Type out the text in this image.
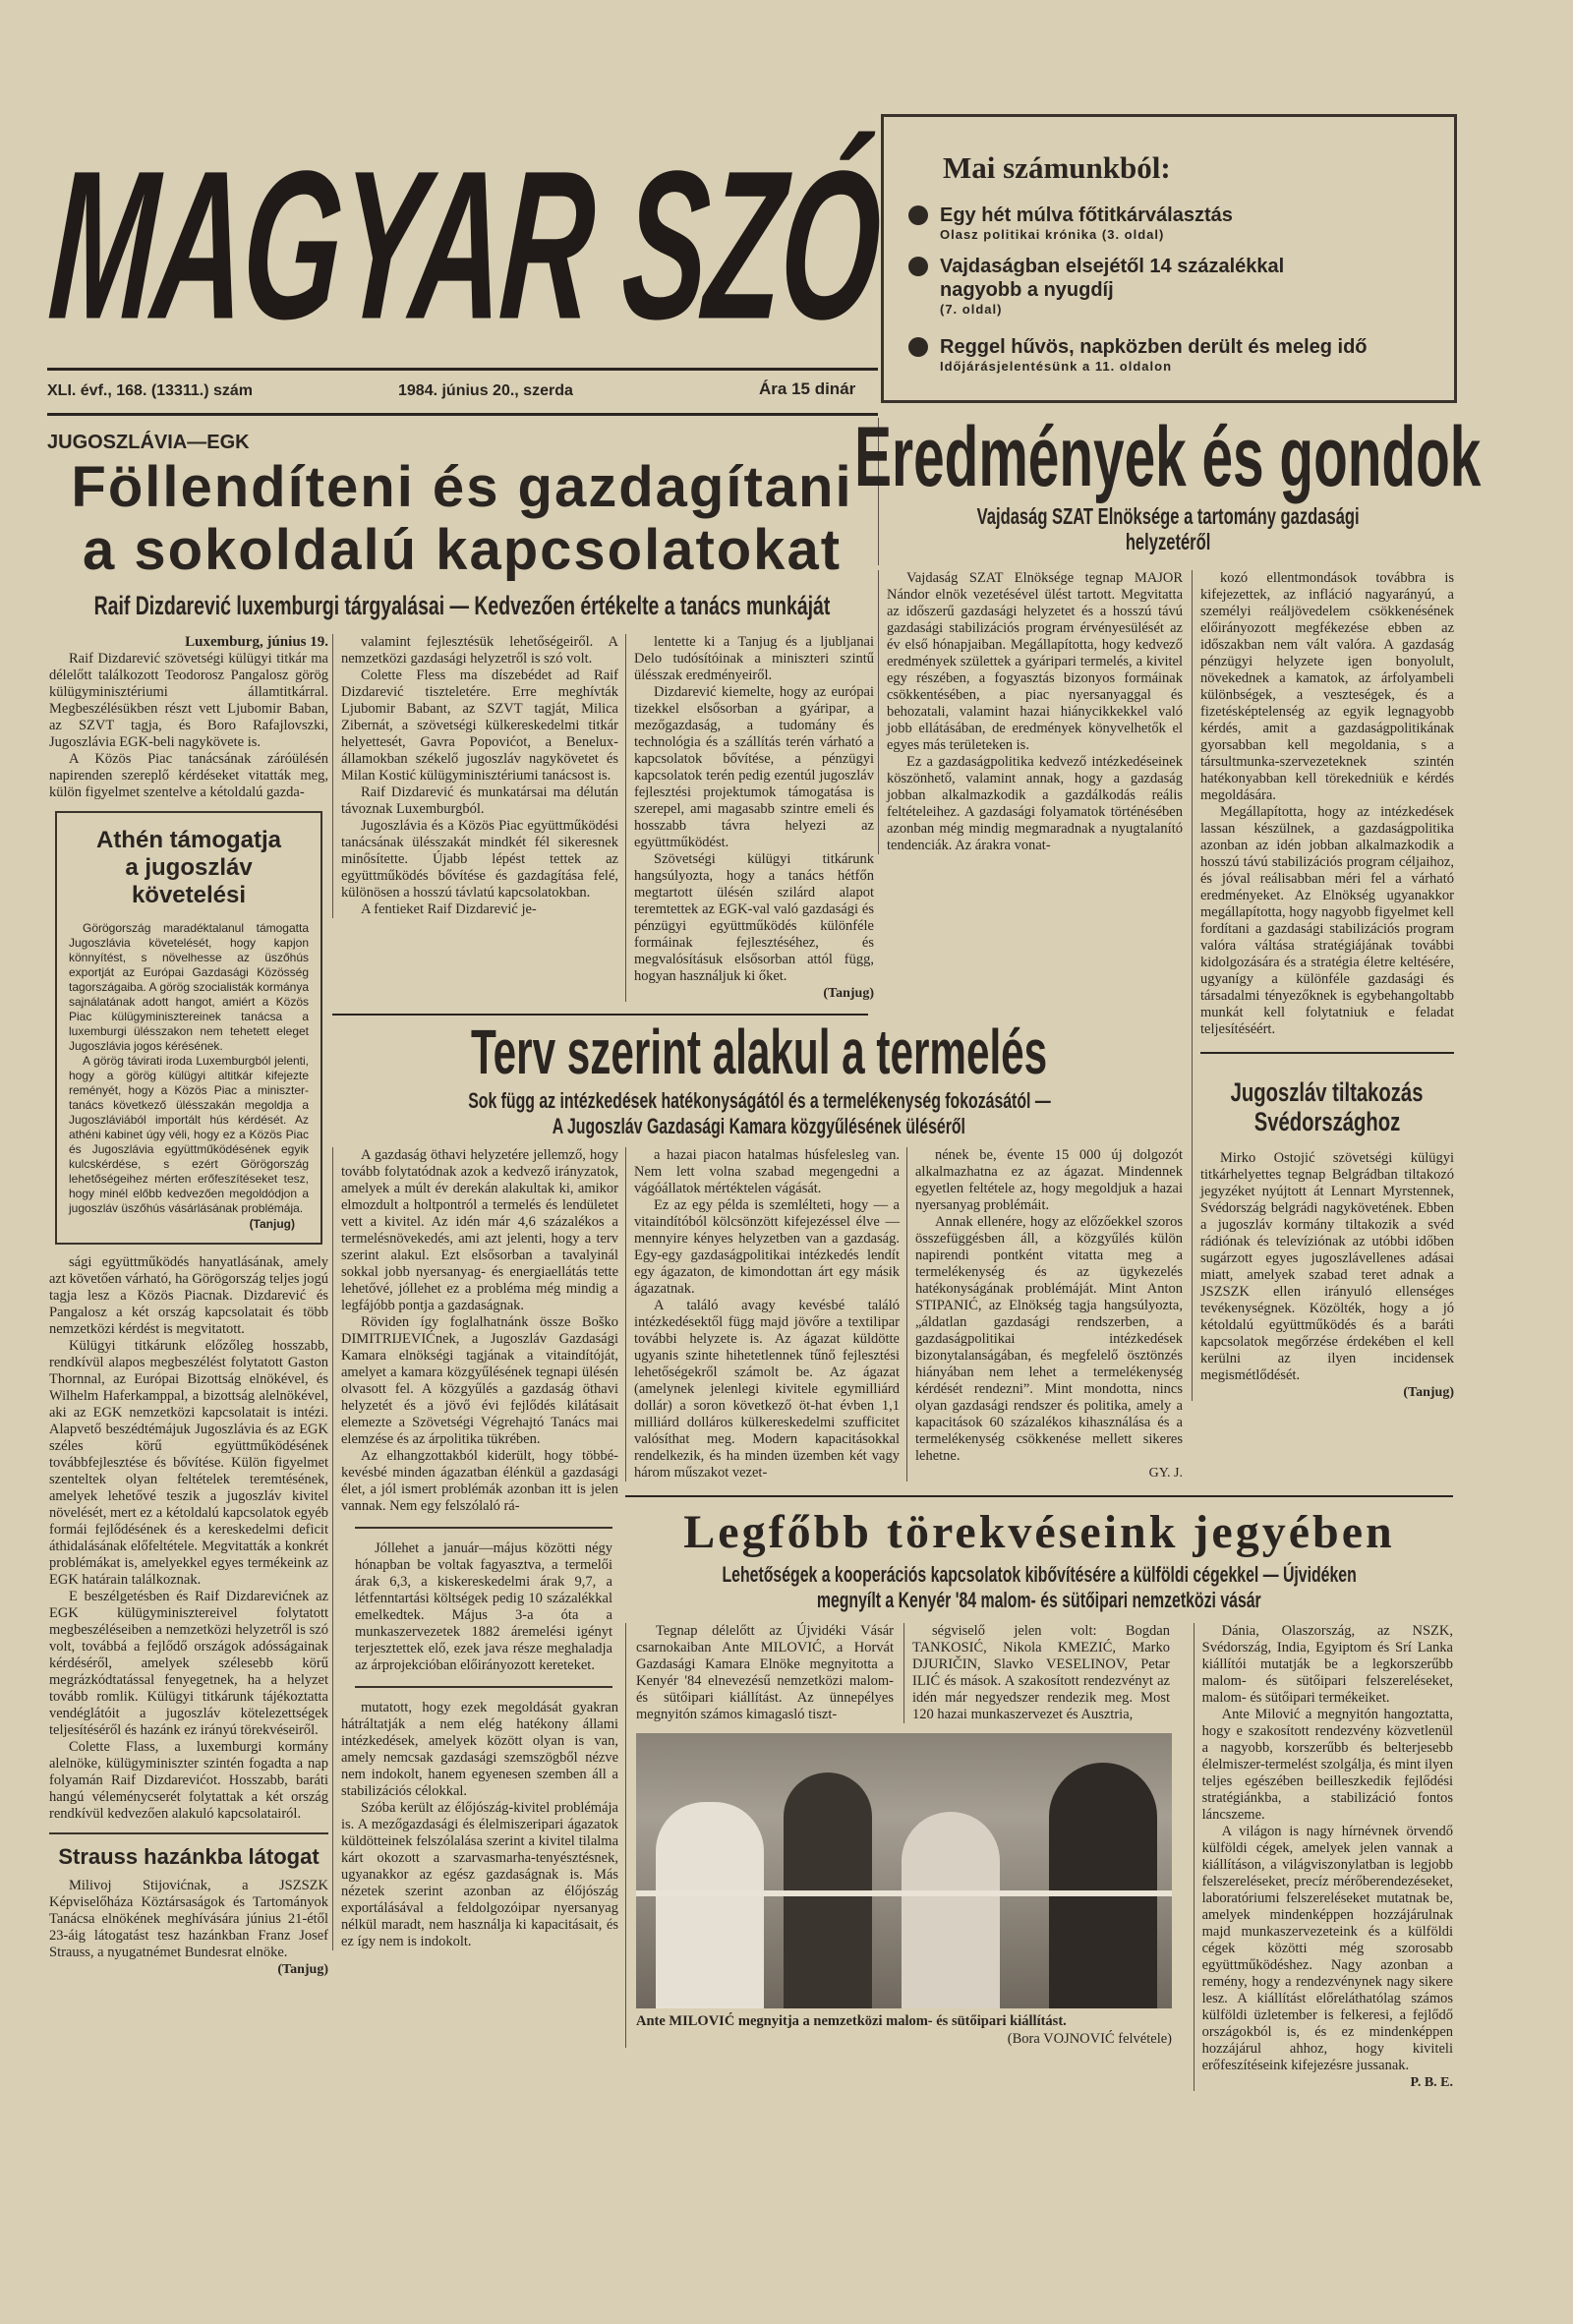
MAGYAR SZÓ Mai számunkból:
Egy hét múlva főtitkárválasztás
Olasz politikai krónika (3. oldal)
Vajdaságban elsejétől 14 százalékkal nagyobb a nyugdíj
(7. oldal)
Reggel hűvös, napközben derült és meleg idő
Időjárásjelentésünk a 11. oldalon
XLI. évf., 168. (13311.) szám	1984. június 20., szerda	Ára 15 dinár
JUGOSZLÁVIA—EGK
Föllendíteni és gazdagítani
a sokoldalú kapcsolatokat
Raif Dizdarević luxemburgi tárgyalásai — Kedvezően értékelte a tanács munkáját
Luxemburg, június 19.

Raif Dizdarević szövetségi külügyi titkár ma délelőtt találkozott Teodorosz Pangalosz görög külügyminisztériumi államtitkárral. Megbeszélésükben részt vett Ljubomir Baban, az SZVT tagja, és Boro Rafajlovszki, Jugoszlávia EGK-beli nagykövete is.

A Közös Piac tanácsának záróülésén napirenden szereplő kérdéseket vitatták meg, külön figyelmet szentelve a kétoldalú gazda-

Athén támogatja
a jugoszláv
követelési

Görögország maradéktalanul támogatta Jugoszlávia követelését, hogy kapjon könnyítést, s növelhesse az üszőhús exportját az Európai Gazdasági Közösség tagországaiba. A görög szocialisták kormánya sajnálatának adott hangot, amiért a Közös Piac külügyminisztereinek tanácsa a luxemburgi ülésszakon nem tehetett eleget Jugoszlávia jogos kérésének.

A görög távirati iroda Luxemburgból jelenti, hogy a görög külügyi altitkár kifejezte reményét, hogy a Közös Piac a miniszter-tanács következő ülésszakán megoldja a Jugoszláviából importált hús kérdését. Az athéni kabinet úgy véli, hogy ez a Közös Piac és Jugoszlávia együttműködésének egyik kulcskérdése, s ezért Görögország lehetőségeihez mérten erőfeszítéseket tesz, hogy minél előbb kedvezően megoldódjon a jugoszláv üszőhús vásárlásának problémája.

(Tanjug)

sági együttműködés hanyatlásának, amely azt követően várható, ha Görögország teljes jogú tagja lesz a Közös Piacnak. Dizdarević és Pangalosz a két ország kapcsolatait és több nemzetközi kérdést is megvitatott.

Külügyi titkárunk előzőleg hosszabb, rendkívül alapos megbeszélést folytatott Gaston Thornnal, az Európai Bizottság elnökével, és Wilhelm Haferkamppal, a bizottság alelnökével, aki az EGK nemzetközi kapcsolatait is intézi. Alapvető beszédtémájuk Jugoszlávia és az EGK széles körű együttműködésének továbbfejlesztése és bővítése. Külön figyelmet szenteltek olyan feltételek teremtésének, amelyek lehetővé teszik a jugoszláv kivitel növelését, mert ez a kétoldalú kapcsolatok egyéb formái fejlődésének és a kereskedelmi deficit áthidalásának előfeltétele. Megvitatták a konkrét problémákat is, amelyekkel egyes termékeink az EGK határain találkoznak.

E beszélgetésben és Raif Dizdarevićnek az EGK külügyminisztereivel folytatott megbeszéléseiben a nemzetközi helyzetről is szó volt, továbbá a fejlődő országok adósságainak kérdéséről, amelyek szélesebb körű megrázkódtatással fenyegetnek, ha a helyzet tovább romlik. Külügyi titkárunk tájékoztatta vendéglátóit a jugoszláv kötelezettségek teljesítéséről és hazánk ez irányú törekvéseiről.

Colette Flass, a luxemburgi kormány alelnöke, külügyminiszter szintén fogadta a nap folyamán Raif Dizdarevićot. Hosszabb, baráti hangú véleménycserét folytattak a két ország rendkívül kedvezően alakuló kapcsolatairól.

Strauss hazánkba látogat

Milivoj Stijovićnak, a JSZSZK Képviselőháza Köztársaságok és Tartományok Tanácsa elnökének meghívására június 21-étől 23-áig látogatást tesz hazánkban Franz Josef Strauss, a nyugatnémet Bundesrat elnöke.

(Tanjug)

valamint fejlesztésük lehetőségeiről. A nemzetközi gazdasági helyzetről is szó volt.

Colette Fless ma díszebédet ad Raif Dizdarević tiszteletére. Erre meghívták Ljubomir Babant, az SZVT tagját, Milica Zibernát, a szövetségi külkereskedelmi titkár helyettesét, Gavra Popovićot, a Benelux-államokban székelő jugoszláv nagykövetet és Milan Kostić külügyminisztériumi tanácsost is.

Raif Dizdarević és munkatársai ma délután távoznak Luxemburgból.

Jugoszlávia és a Közös Piac együttműködési tanácsának ülésszakát mindkét fél sikeresnek minősítette. Újabb lépést tettek az együttműködés bővítése és gazdagítása felé, különösen a hosszú távlatú kapcsolatokban.

A fentieket Raif Dizdarević je-

lentette ki a Tanjug és a ljubljanai Delo tudósítóinak a miniszteri szintű ülésszak eredményeiről.

Dizdarević kiemelte, hogy az európai tizekkel elsősorban a gyáripar, a mezőgazdaság, a tudomány és technológia és a szállítás terén várható a kapcsolatok bővítése, a pénzügyi kapcsolatok terén pedig ezentúl jugoszláv fejlesztési projektumok támogatása is szerepel, ami magasabb szintre emeli és hosszabb távra helyezi az együttműködést.

Szövetségi külügyi titkárunk hangsúlyozta, hogy a tanács hétfőn megtartott ülésén szilárd alapot teremtettek az EGK-val való gazdasági és pénzügyi együttműködés különféle formáinak fejlesztéséhez, és megvalósításuk elsősorban attól függ, hogyan használjuk ki őket.

(Tanjug)
Eredmények és gondok
Vajdaság SZAT Elnöksége a tartomány gazdasági
helyzetéről

Vajdaság SZAT Elnöksége tegnap MAJOR Nándor elnök vezetésével ülést tartott. Megvitatta az időszerű gazdasági helyzetet és a hosszú távú gazdasági stabilizációs program érvényesülését az év első hónapjaiban. Megállapította, hogy kedvező eredmények születtek a gyáripari termelés, a kivitel egy részében, a fogyasztás bizonyos formáinak csökkentésében, a piac nyersanyaggal és behozatali, valamint hazai hiánycikkekkel való jobb ellátásában, de eredmények könyvelhetők el egyes más területeken is.

Ez a gazdaságpolitika kedvező intézkedéseinek köszönhető, valamint annak, hogy a gazdaság jobban alkalmazkodik a gazdálkodás reális feltételeihez. A gazdasági folyamatok történésében azonban még mindig megmaradnak a nyugtalanító tendenciák. Az árakra vonat-

kozó ellentmondások továbbra is kifejezettek, az infláció nagyarányú, a személyi reáljövedelem csökkenésének előirányozott megfékezése ebben az időszakban nem vált valóra. A gazdaság pénzügyi helyzete igen bonyolult, növekednek a kamatok, az árfolyambeli különbségek, a veszteségek, és a fizetésképtelenség az egyik legnagyobb kérdés, amit a gazdaságpolitikának gyorsabban kell megoldania, s a társultmunka-szervezeteknek szintén hatékonyabban kell törekedniük e kérdés megoldására.

Megállapította, hogy az intézkedések lassan készülnek, a gazdaságpolitika azonban az idén jobban alkalmazkodik a hosszú távú stabilizációs program céljaihoz, és jóval reálisabban méri fel a várható eredményeket. Az Elnökség ugyanakkor megállapította, hogy nagyobb figyelmet kell fordítani a gazdasági stabilizációs program valóra váltása stratégiájának további kidolgozására és a stratégia életre keltésére, ugyanígy a különféle gazdasági és társadalmi tényezőknek is egybehangoltabb munkát kell folytatniuk e feladat teljesítéséért.

Jugoszláv tiltakozás
Svédországhoz

Mirko Ostojić szövetségi külügyi titkárhelyettes tegnap Belgrádban tiltakozó jegyzéket nyújtott át Lennart Myrstennek, Svédország belgrádi nagykövetének. Ebben a jugoszláv kormány tiltakozik a svéd rádiónak és televíziónak az utóbbi időben sugárzott egyes jugoszlávellenes adásai miatt, amelyek szabad teret adnak a JSZSZK ellen irányuló ellenséges tevékenységnek. Közölték, hogy a jó kétoldalú együttműködés és a baráti kapcsolatok megőrzése érdekében el kell kerülni az ilyen incidensek megismétlődését.

(Tanjug)
Terv szerint alakul a termelés
Sok függ az intézkedések hatékonyságától és a termelékenység fokozásától —
A Jugoszláv Gazdasági Kamara közgyűlésének üléséről

A gazdaság öthavi helyzetére jellemző, hogy tovább folytatódnak azok a kedvező irányzatok, amelyek a múlt év derekán alakultak ki, amikor elmozdult a holtpontról a termelés és lendületet vett a kivitel. Az idén már 4,6 százalékos a termelésnövekedés, ami azt jelenti, hogy a terv szerint alakul. Ezt elsősorban a tavalyinál sokkal jobb nyersanyag- és energiaellátás tette lehetővé, jóllehet ez a probléma még mindig a legfájóbb pontja a gazdaságnak.

Röviden így foglalhatnánk össze Boško DIMITRIJEVIĆnek, a Jugoszláv Gazdasági Kamara elnökségi tagjának a vitaindítóját, amelyet a kamara közgyűlésének tegnapi ülésén olvasott fel. A közgyűlés a gazdaság öthavi helyzetét és a jövő évi fejlődés kilátásait elemezte a Szövetségi Végrehajtó Tanács mai elemzése és az árpolitika tükrében.

Az elhangzottakból kiderült, hogy többé-kevésbé minden ágazatban élénkül a gazdasági élet, a jól ismert problémák azonban itt is jelen vannak. Nem egy felszólaló rá-

Jóllehet a január—május közötti négy hónapban be voltak fagyasztva, a termelői árak 6,3, a kiskereskedelmi árak 9,7, a létfenntartási költségek pedig 10 százalékkal emelkedtek. Május 3-a óta a munkaszervezetek 1882 áremelési igényt terjesztettek elő, ezek java része meghaladja az árprojekcióban előirányozott kereteket.

mutatott, hogy ezek megoldását gyakran hátráltatják a nem elég hatékony állami intézkedések, amelyek között olyan is van, amely nemcsak gazdasági szemszögből nézve nem indokolt, hanem egyenesen szemben áll a stabilizációs célokkal.

Szóba került az élőjószág-kivitel problémája is. A mezőgazdasági és élelmiszeripari ágazatok küldötteinek felszólalása szerint a kivitel tilalma kárt okozott a szarvasmarha-tenyésztésnek, ugyanakkor az egész gazdaságnak is. Más nézetek szerint azonban az élőjószág exportálásával a feldolgozóipar nyersanyag nélkül maradt, nem használja ki kapacitásait, és ez így nem is indokolt.

a hazai piacon hatalmas húsfelesleg van. Nem lett volna szabad megengedni a vágóállatok mértéktelen vágását.

Ez az egy példa is szemlélteti, hogy — a vitaindítóból kölcsönzött kifejezéssel élve — mennyire kényes helyzetben van a gazdaság. Egy-egy gazdaságpolitikai intézkedés lendít egy ágazaton, de kimondottan árt egy másik ágazatnak.

A találó avagy kevésbé találó intézkedésektől függ majd jövőre a textilipar további helyzete is. Az ágazat küldötte ugyanis szinte hihetetlennek tűnő fejlesztési lehetőségekről számolt be. Az ágazat (amelynek jelenlegi kivitele egymilliárd dollár) a soron következő öt-hat évben 1,1 milliárd dolláros külkereskedelmi szufficitet valósíthat meg. Modern kapacitásokkal rendelkezik, és ha minden üzemben két vagy három műszakot vezet-

nének be, évente 15 000 új dolgozót alkalmazhatna ez az ágazat. Mindennek egyetlen feltétele az, hogy megoldjuk a hazai nyersanyag problémáit.

Annak ellenére, hogy az előzőekkel szoros összefüggésben áll, a közgyűlés külön napirendi pontként vitatta meg a termelékenység és az ügykezelés hatékonyságának problémáját. Mint Anton STIPANIĆ, az Elnökség tagja hangsúlyozta, „áldatlan gazdasági rendszerben, a gazdaságpolitikai intézkedések bizonytalanságában, és megfelelő ösztönzés hiányában nem lehet a termelékenység kérdését rendezni”. Mint mondotta, nincs olyan gazdasági rendszer és politika, amely a kapacitások 60 százalékos kihasználása és a termelékenység csökkenése mellett sikeres lehetne.

GY. J.
Legfőbb törekvéseink jegyében
Lehetőségek a kooperációs kapcsolatok kibővítésére a külföldi cégekkel — Újvidéken
megnyílt a Kenyér '84 malom- és sütőipari nemzetközi vásár

Tegnap délelőtt az Újvidéki Vásár csarnokaiban Ante MILOVIĆ, a Horvát Gazdasági Kamara Elnöke megnyitotta a Kenyér '84 elnevezésű nemzetközi malom- és sütőipari kiállítást. Az ünnepélyes megnyitón számos kimagasló tiszt-

ségviselő jelen volt: Bogdan TANKOSIĆ, Nikola KMEZIĆ, Marko DJURIČIN, Slavko VESELINOV, Petar ILIĆ és mások. A szakosított rendezvényt az idén már negyedszer rendezik meg. Most 120 hazai munkaszervezet és Ausztria,

Ante MILOVIĆ megnyitja a nemzetközi malom- és sütőipari kiállítást.
(Bora VOJNOVIĆ felvétele)

Dánia, Olaszország, az NSZK, Svédország, India, Egyiptom és Srí Lanka kiállítói mutatják be a legkorszerűbb malom- és sütőipari felszereléseket, malom- és sütőipari termékeiket.

Ante Milović a megnyitón hangoztatta, hogy e szakosított rendezvény közvetlenül a nagyobb, korszerűbb és belterjesebb élelmiszer-termelést szolgálja, és mint ilyen teljes egészében beilleszkedik fejlődési stratégiánkba, a stabilizáció fontos láncszeme.

A világon is nagy hírnévnek örvendő külföldi cégek, amelyek jelen vannak a kiállításon, a világviszonylatban is legjobb felszereléseket, precíz mérőberendezéseket, laboratóriumi felszereléseket mutatnak be, amelyek mindenképpen hozzájárulnak majd munkaszervezeteink és a külföldi cégek közötti még szorosabb együttműködéshez. Nagy azonban a remény, hogy a rendezvénynek nagy sikere lesz. A kiállítást előreláthatólag számos külföldi üzletember is felkeresi, a fejlődő országokból is, és ez mindenképpen hozzájárul ahhoz, hogy kiviteli erőfeszítéseink kifejezésre jussanak.

P. B. E.
